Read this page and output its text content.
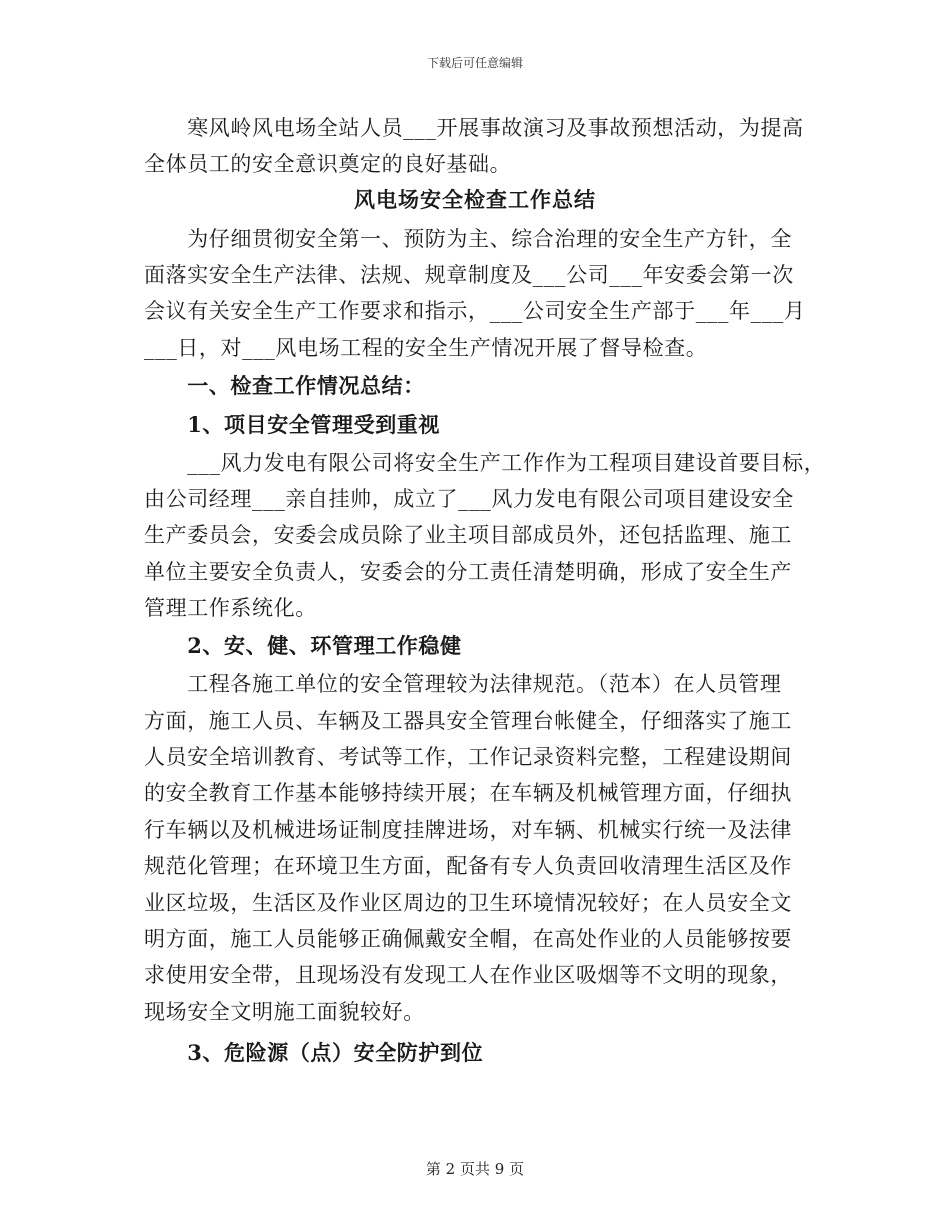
下载后可任意编辑
　　寒风岭风电场全站人员___开展事故演习及事故预想活动，为提高
全体员工的安全意识奠定的良好基础。
风电场安全检查工作总结
　　为仔细贯彻安全第一、预防为主、综合治理的安全生产方针，全
面落实安全生产法律、法规、规章制度及___公司___年安委会第一次
会议有关安全生产工作要求和指示，___公司安全生产部于___年___月
___日，对___风电场工程的安全生产情况开展了督导检查。
　　一、检查工作情况总结：
　　1、项目安全管理受到重视
　　___风力发电有限公司将安全生产工作作为工程项目建设首要目标，
由公司经理___亲自挂帅，成立了___风力发电有限公司项目建设安全
生产委员会，安委会成员除了业主项目部成员外，还包括监理、施工
单位主要安全负责人，安委会的分工责任清楚明确，形成了安全生产
管理工作系统化。
　　2、安、健、环管理工作稳健
　　工程各施工单位的安全管理较为法律规范。（范本）在人员管理
方面，施工人员、车辆及工器具安全管理台帐健全，仔细落实了施工
人员安全培训教育、考试等工作，工作记录资料完整，工程建设期间
的安全教育工作基本能够持续开展；在车辆及机械管理方面，仔细执
行车辆以及机械进场证制度挂牌进场，对车辆、机械实行统一及法律
规范化管理；在环境卫生方面，配备有专人负责回收清理生活区及作
业区垃圾，生活区及作业区周边的卫生环境情况较好；在人员安全文
明方面，施工人员能够正确佩戴安全帽，在高处作业的人员能够按要
求使用安全带，且现场没有发现工人在作业区吸烟等不文明的现象，
现场安全文明施工面貌较好。
　　3、危险源（点）安全防护到位
第 2 页共 9 页
